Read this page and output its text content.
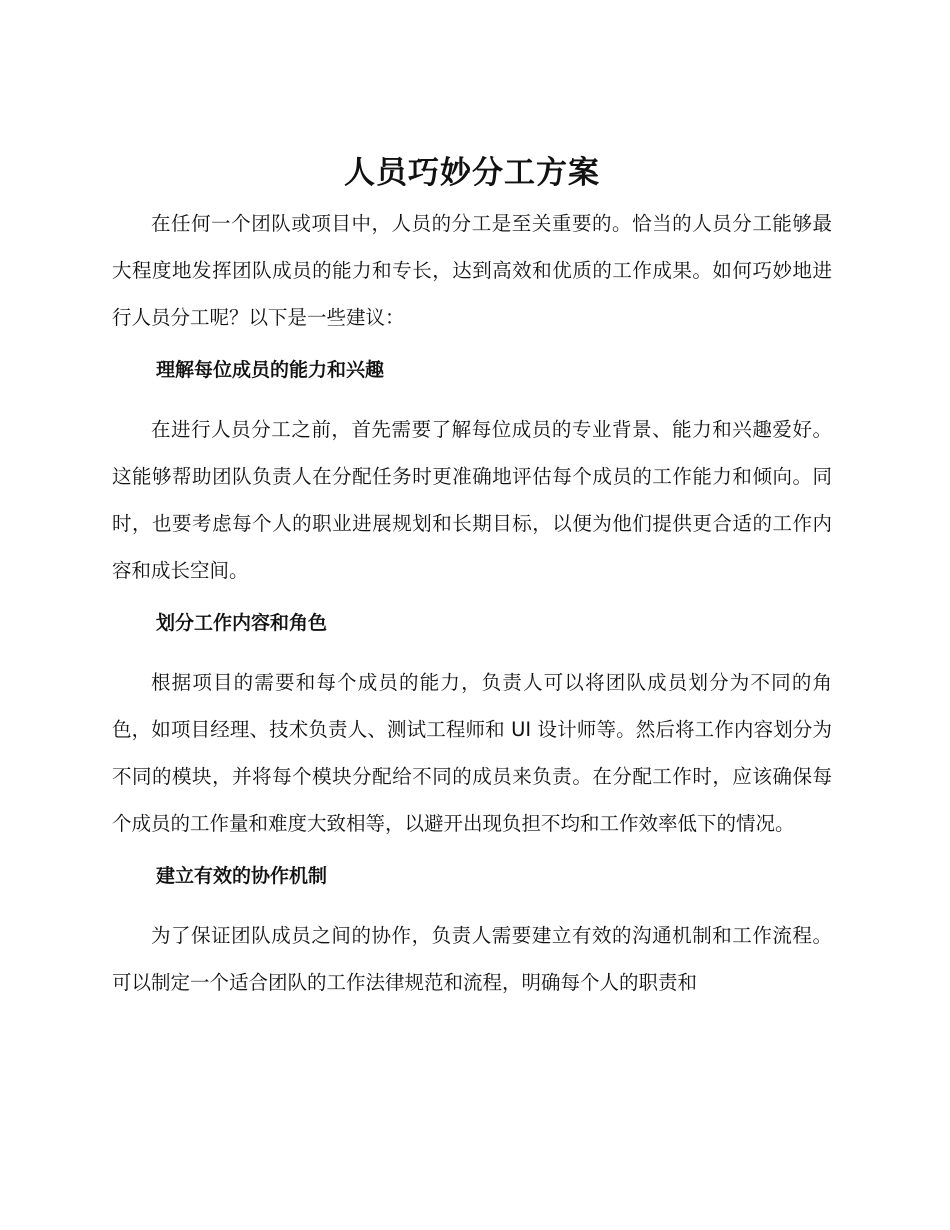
人员巧妙分工方案

在任何一个团队或项目中，人员的分工是至关重要的。恰当的人员分工能够最大程度地发挥团队成员的能力和专长，达到高效和优质的工作成果。如何巧妙地进行人员分工呢？以下是一些建议：

理解每位成员的能力和兴趣

在进行人员分工之前，首先需要了解每位成员的专业背景、能力和兴趣爱好。这能够帮助团队负责人在分配任务时更准确地评估每个成员的工作能力和倾向。同时，也要考虑每个人的职业进展规划和长期目标，以便为他们提供更合适的工作内容和成长空间。

划分工作内容和角色

根据项目的需要和每个成员的能力，负责人可以将团队成员划分为不同的角色，如项目经理、技术负责人、测试工程师和 UI 设计师等。然后将工作内容划分为不同的模块，并将每个模块分配给不同的成员来负责。在分配工作时，应该确保每个成员的工作量和难度大致相等，以避开出现负担不均和工作效率低下的情况。

建立有效的协作机制

为了保证团队成员之间的协作，负责人需要建立有效的沟通机制和工作流程。可以制定一个适合团队的工作法律规范和流程，明确每个人的职责和
